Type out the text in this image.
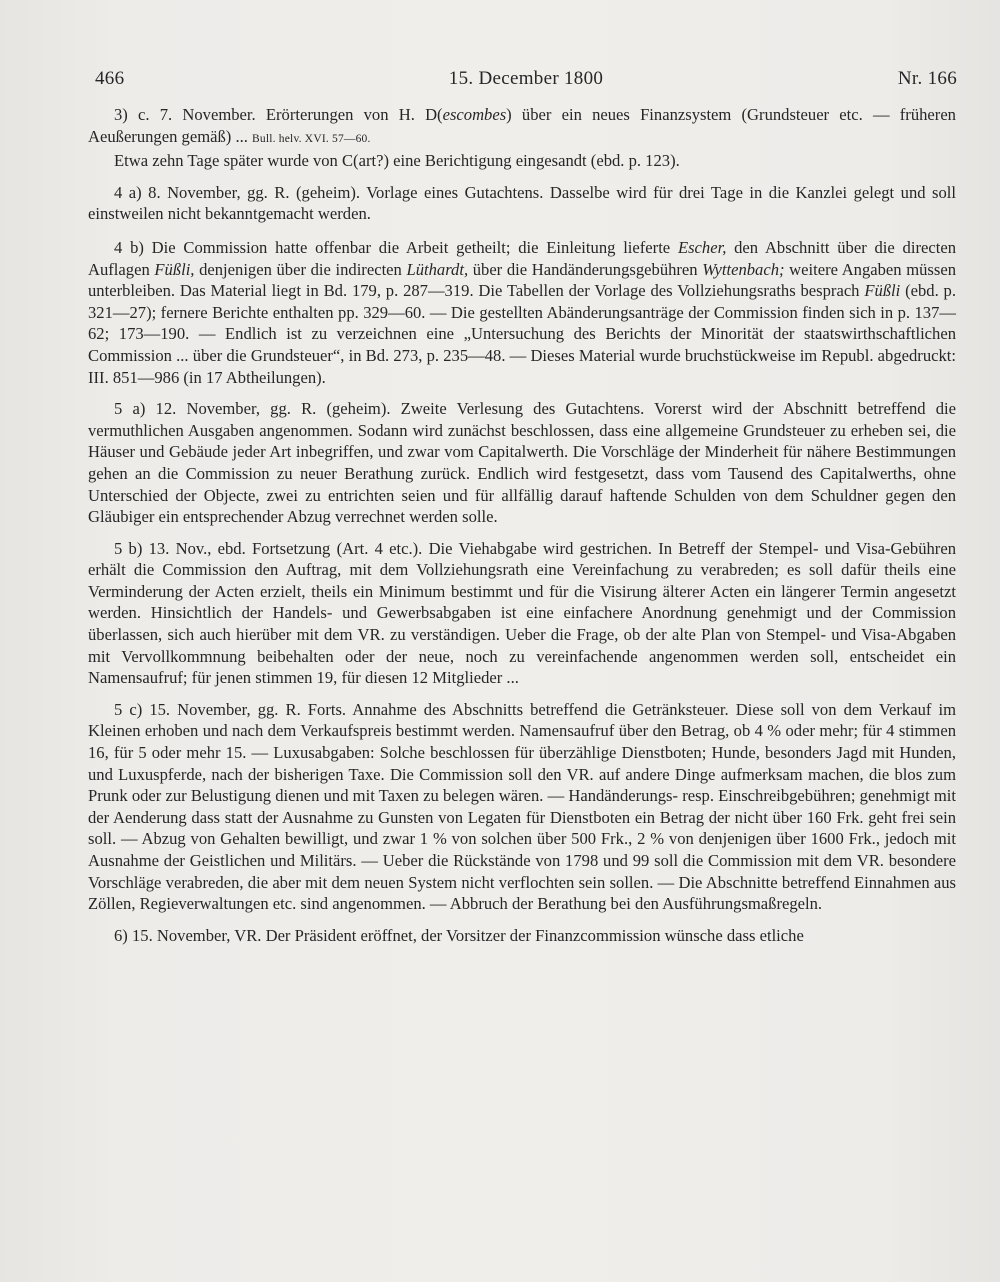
466	15. December 1800	Nr. 166

3) c. 7. November. Erörterungen von H. D(escombes) über ein neues Finanzsystem (Grundsteuer etc. — früheren Aeußerungen gemäß) ... Bull. helv. XVI. 57—60.

Etwa zehn Tage später wurde von C(art?) eine Berichtigung eingesandt (ebd. p. 123).

4 a) 8. November, gg. R. (geheim). Vorlage eines Gutachtens. Dasselbe wird für drei Tage in die Kanzlei gelegt und soll einstweilen nicht bekanntgemacht werden.

4 b) Die Commission hatte offenbar die Arbeit getheilt; die Einleitung lieferte Escher, den Abschnitt über die directen Auflagen Füßli, denjenigen über die indirecten Lüthardt, über die Handänderungsgebühren Wyttenbach; weitere Angaben müssen unterbleiben. Das Material liegt in Bd. 179, p. 287—319. Die Tabellen der Vorlage des Vollziehungsraths besprach Füßli (ebd. p. 321—27); fernere Berichte enthalten pp. 329—60. — Die gestellten Abänderungsanträge der Commission finden sich in p. 137—62; 173—190. — Endlich ist zu verzeichnen eine „Untersuchung des Berichts der Minorität der staatswirthschaftlichen Commission ... über die Grundsteuer“, in Bd. 273, p. 235—48. — Dieses Material wurde bruchstückweise im Republ. abgedruckt: III. 851—986 (in 17 Abtheilungen).

5 a) 12. November, gg. R. (geheim). Zweite Verlesung des Gutachtens. Vorerst wird der Abschnitt betreffend die vermuthlichen Ausgaben angenommen. Sodann wird zunächst beschlossen, dass eine allgemeine Grundsteuer zu erheben sei, die Häuser und Gebäude jeder Art inbegriffen, und zwar vom Capitalwerth. Die Vorschläge der Minderheit für nähere Bestimmungen gehen an die Commission zu neuer Berathung zurück. Endlich wird festgesetzt, dass vom Tausend des Capitalwerths, ohne Unterschied der Objecte, zwei zu entrichten seien und für allfällig darauf haftende Schulden von dem Schuldner gegen den Gläubiger ein entsprechender Abzug verrechnet werden solle.

5 b) 13. Nov., ebd. Fortsetzung (Art. 4 etc.). Die Viehabgabe wird gestrichen. In Betreff der Stempel- und Visa-Gebühren erhält die Commission den Auftrag, mit dem Vollziehungsrath eine Vereinfachung zu verabreden; es soll dafür theils eine Verminderung der Acten erzielt, theils ein Minimum bestimmt und für die Visirung älterer Acten ein längerer Termin angesetzt werden. Hinsichtlich der Handels- und Gewerbsabgaben ist eine einfachere Anordnung genehmigt und der Commission überlassen, sich auch hierüber mit dem VR. zu verständigen. Ueber die Frage, ob der alte Plan von Stempel- und Visa-Abgaben mit Vervollkommnung beibehalten oder der neue, noch zu vereinfachende angenommen werden soll, entscheidet ein Namensaufruf; für jenen stimmen 19, für diesen 12 Mitglieder ...

5 c) 15. November, gg. R. Forts. Annahme des Abschnitts betreffend die Getränksteuer. Diese soll von dem Verkauf im Kleinen erhoben und nach dem Verkaufspreis bestimmt werden. Namensaufruf über den Betrag, ob 4 % oder mehr; für 4 stimmen 16, für 5 oder mehr 15. — Luxusabgaben: Solche beschlossen für überzählige Dienstboten; Hunde, besonders Jagd mit Hunden, und Luxuspferde, nach der bisherigen Taxe. Die Commission soll den VR. auf andere Dinge aufmerksam machen, die blos zum Prunk oder zur Belustigung dienen und mit Taxen zu belegen wären. — Handänderungs- resp. Einschreibgebühren; genehmigt mit der Aenderung dass statt der Ausnahme zu Gunsten von Legaten für Dienstboten ein Betrag der nicht über 160 Frk. geht frei sein soll. — Abzug von Gehalten bewilligt, und zwar 1 % von solchen über 500 Frk., 2 % von denjenigen über 1600 Frk., jedoch mit Ausnahme der Geistlichen und Militärs. — Ueber die Rückstände von 1798 und 99 soll die Commission mit dem VR. besondere Vorschläge verabreden, die aber mit dem neuen System nicht verflochten sein sollen. — Die Abschnitte betreffend Einnahmen aus Zöllen, Regieverwaltungen etc. sind angenommen. — Abbruch der Berathung bei den Ausführungsmaßregeln.

6) 15. November, VR. Der Präsident eröffnet, der Vorsitzer der Finanzcommission wünsche dass etliche
